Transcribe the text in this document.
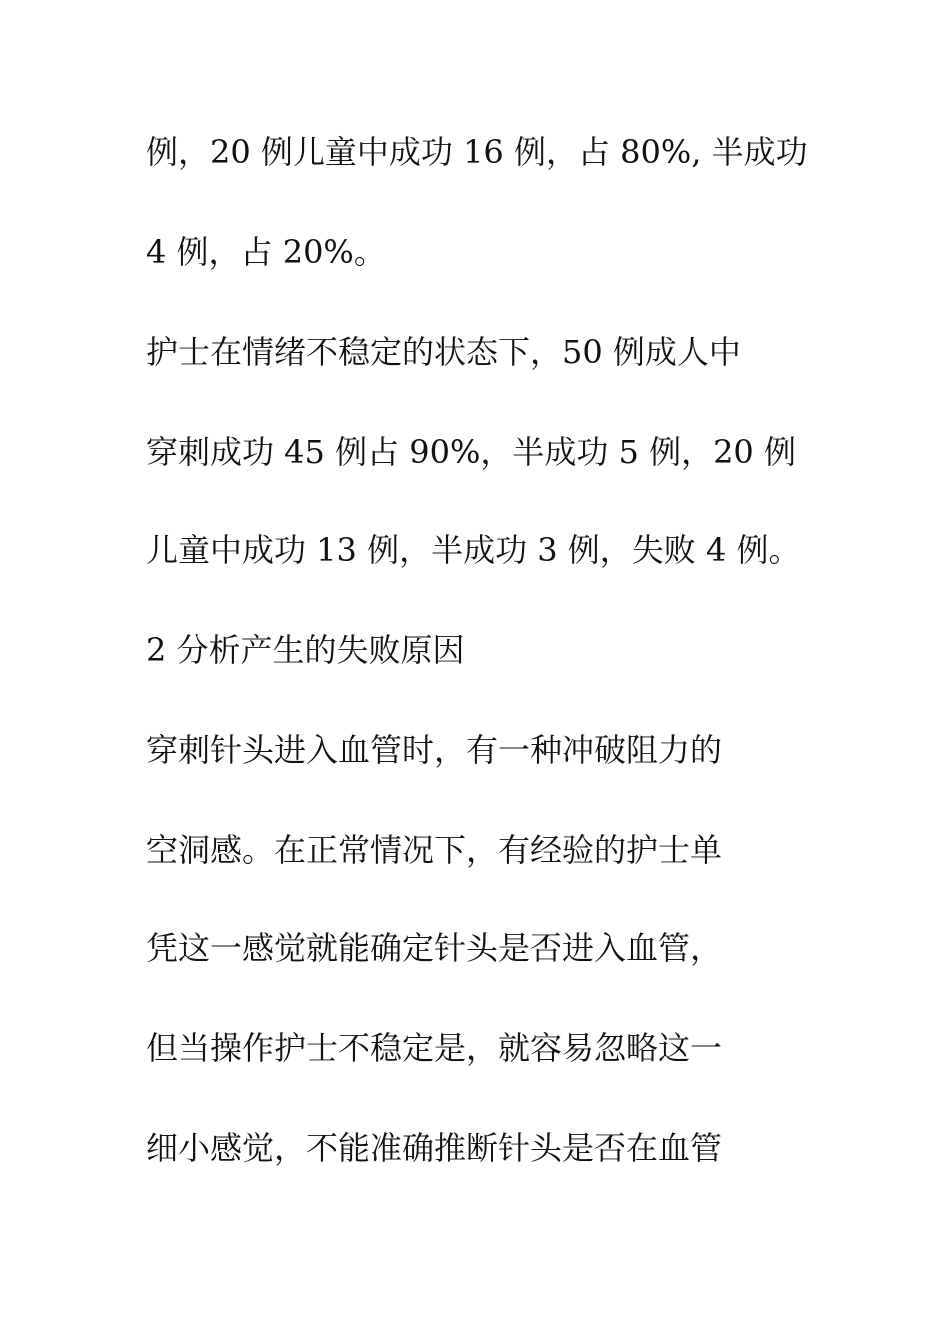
例，20 例儿童中成功 16 例，占 80%, 半成功
4 例，占 20%。
护士在情绪不稳定的状态下，50 例成人中
穿刺成功 45 例占 90%，半成功 5 例，20 例
儿童中成功 13 例，半成功 3 例，失败 4 例。
2 分析产生的失败原因
穿刺针头进入血管时，有一种冲破阻力的
空洞感。在正常情况下，有经验的护士单
凭这一感觉就能确定针头是否进入血管，
但当操作护士不稳定是，就容易忽略这一
细小感觉，不能准确推断针头是否在血管
